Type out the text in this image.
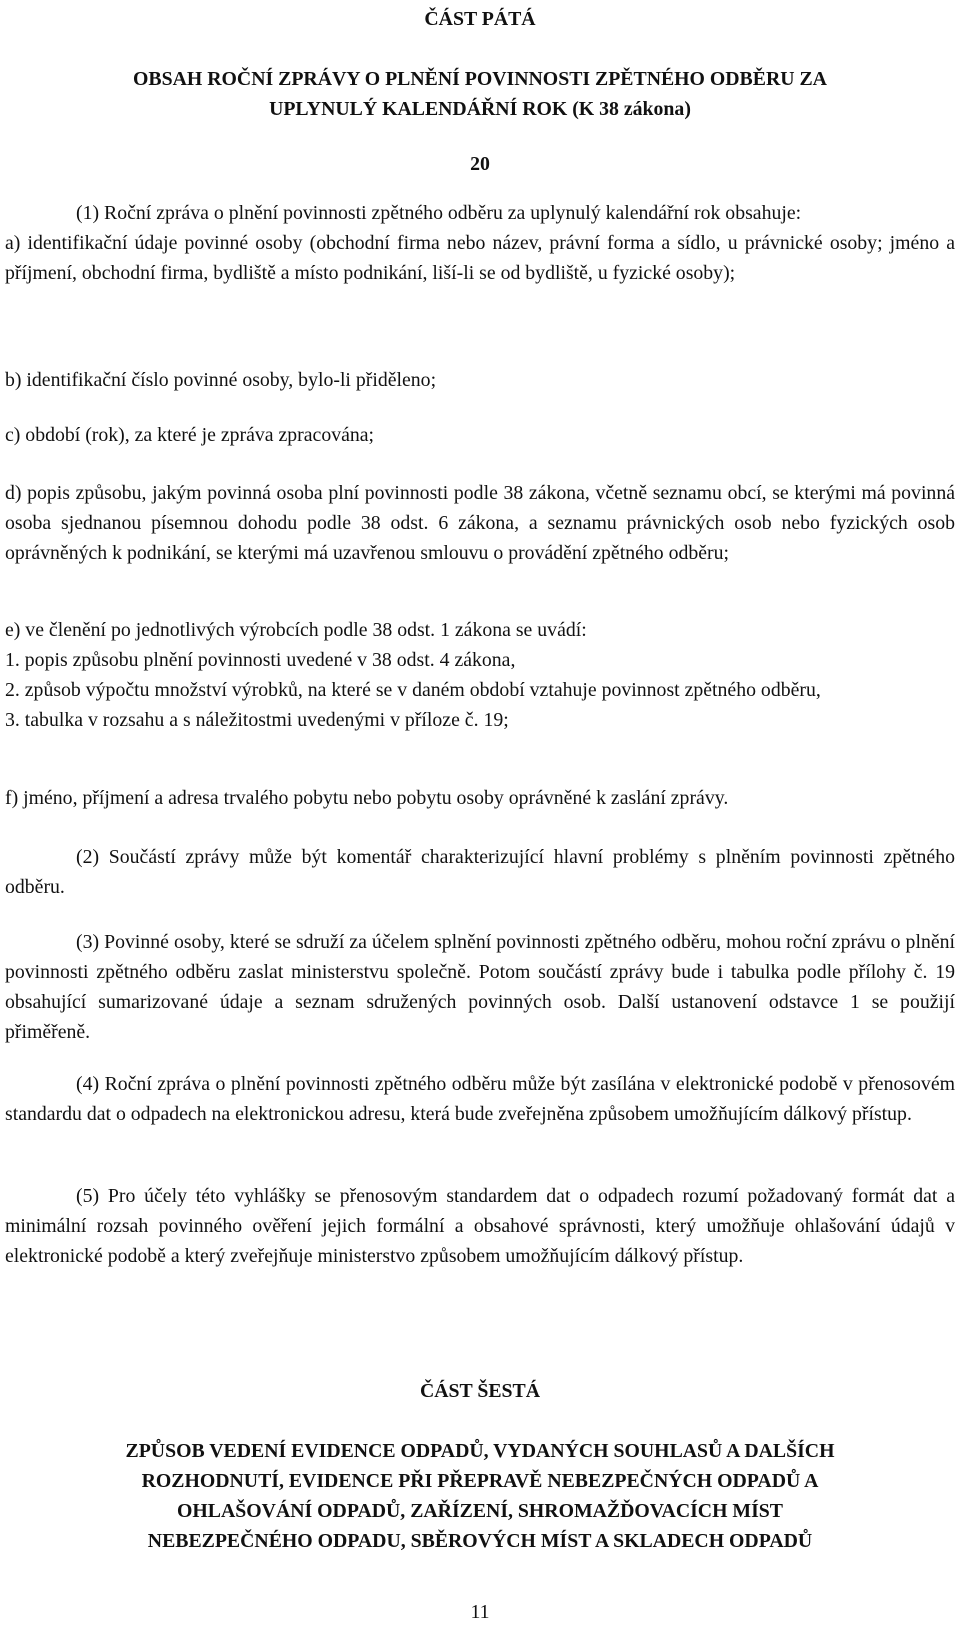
ČÁST PÁTÁ
OBSAH ROČNÍ ZPRÁVY O PLNĚNÍ POVINNOSTI ZPĚTNÉHO ODBĚRU ZA
UPLYNULÝ KALENDÁŘNÍ ROK (K 38 zákona)
20

(1) Roční zpráva o plnění povinnosti zpětného odběru za uplynulý kalendářní rok obsahuje:

a) identifikační údaje povinné osoby (obchodní firma nebo název, právní forma a sídlo, u právnické osoby; jméno a příjmení, obchodní firma, bydliště a místo podnikání, liší-li se od bydliště, u fyzické osoby);

b) identifikační číslo povinné osoby, bylo-li přiděleno;

c) období (rok), za které je zpráva zpracována;

d) popis způsobu, jakým povinná osoba plní povinnosti podle 38 zákona, včetně seznamu obcí, se kterými má povinná osoba sjednanou písemnou dohodu podle 38 odst. 6 zákona, a seznamu právnických osob nebo fyzických osob oprávněných k podnikání, se kterými má uzavřenou smlouvu o provádění zpětného odběru;

e) ve členění po jednotlivých výrobcích podle 38 odst. 1 zákona se uvádí:

1. popis způsobu plnění povinnosti uvedené v 38 odst. 4 zákona,

2. způsob výpočtu množství výrobků, na které se v daném období vztahuje povinnost zpětného odběru,

3. tabulka v rozsahu a s náležitostmi uvedenými v příloze č. 19;

f) jméno, příjmení a adresa trvalého pobytu nebo pobytu osoby oprávněné k zaslání zprávy.

(2) Součástí zprávy může být komentář charakterizující hlavní problémy s plněním povinnosti zpětného odběru.

(3) Povinné osoby, které se sdruží za účelem splnění povinnosti zpětného odběru, mohou roční zprávu o plnění povinnosti zpětného odběru zaslat ministerstvu společně. Potom součástí zprávy bude i tabulka podle přílohy č. 19 obsahující sumarizované údaje a seznam sdružených povinných osob. Další ustanovení odstavce 1 se použijí přiměřeně.

(4) Roční zpráva o plnění povinnosti zpětného odběru může být zasílána v elektronické podobě v přenosovém standardu dat o odpadech na elektronickou adresu, která bude zveřejněna způsobem umožňujícím dálkový přístup.

(5) Pro účely této vyhlášky se přenosovým standardem dat o odpadech rozumí požadovaný formát dat a minimální rozsah povinného ověření jejich formální a obsahové správnosti, který umožňuje ohlašování údajů v elektronické podobě a který zveřejňuje ministerstvo způsobem umožňujícím dálkový přístup.

ČÁST ŠESTÁ
ZPŮSOB VEDENÍ EVIDENCE ODPADŮ, VYDANÝCH SOUHLASŮ A DALŠÍCH
ROZHODNUTÍ, EVIDENCE PŘI PŘEPRAVĚ NEBEZPEČNÝCH ODPADŮ A
OHLAŠOVÁNÍ ODPADŮ, ZAŘÍZENÍ, SHROMAŽĎOVACÍCH MÍST
NEBEZPEČNÉHO ODPADU, SBĚROVÝCH MÍST A SKLADECH ODPADŮ
11
